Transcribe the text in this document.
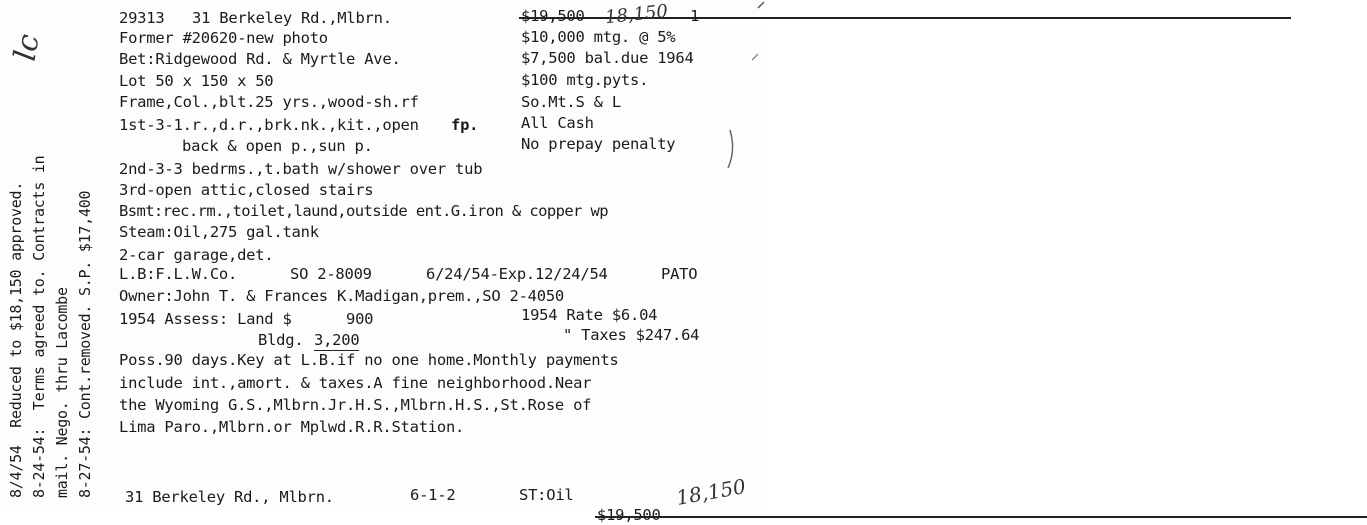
8/4/54  Reduced to $18,150 approved. 8-24-54:  Terms agreed to. Contracts in mail. Nego. thru Lacombe 8-27-54: Cont.removed. S.P. $17,400
lc
29313 31 Berkeley Rd.,Mlbrn.
Former #20620-new photo
Bet:Ridgewood Rd. & Myrtle Ave.
Lot 50 x 150 x 50
Frame,Col.,blt.25 yrs.,wood-sh.rf
1st-3-1.r.,d.r.,brk.nk.,kit.,open fp.
back & open p.,sun p.
2nd-3-3 bedrms.,t.bath w/shower over tub
3rd-open attic,closed stairs
Bsmt:rec.rm.,toilet,laund,outside ent.G.iron & copper wp
Steam:Oil,275 gal.tank
2-car garage,det.
L.B:F.L.W.Co.	SO 2-8009	6/24/54-Exp.12/24/54	PATO
Owner:John T. & Frances K.Madigan,prem.,SO 2-4050
1954 Assess: Land $	900	1954 Rate $6.04
Bldg. 3,200	" Taxes $247.64
Poss.90 days.Key at L.B.if no one home.Monthly payments
include int.,amort. & taxes.A fine neighborhood.Near
the Wyoming G.S.,Mlbrn.Jr.H.S.,Mlbrn.H.S.,St.Rose of
Lima Paro.,Mlbrn.or Mplwd.R.R.Station.
$19,500	18,150 1
$10,000 mtg. @ 5%
$7,500 bal.due 1964
$100 mtg.pyts.
So.Mt.S & L
All Cash
No prepay penalty
31 Berkeley Rd., Mlbrn.	6-1-2	ST:Oil
$19,500
18,150
